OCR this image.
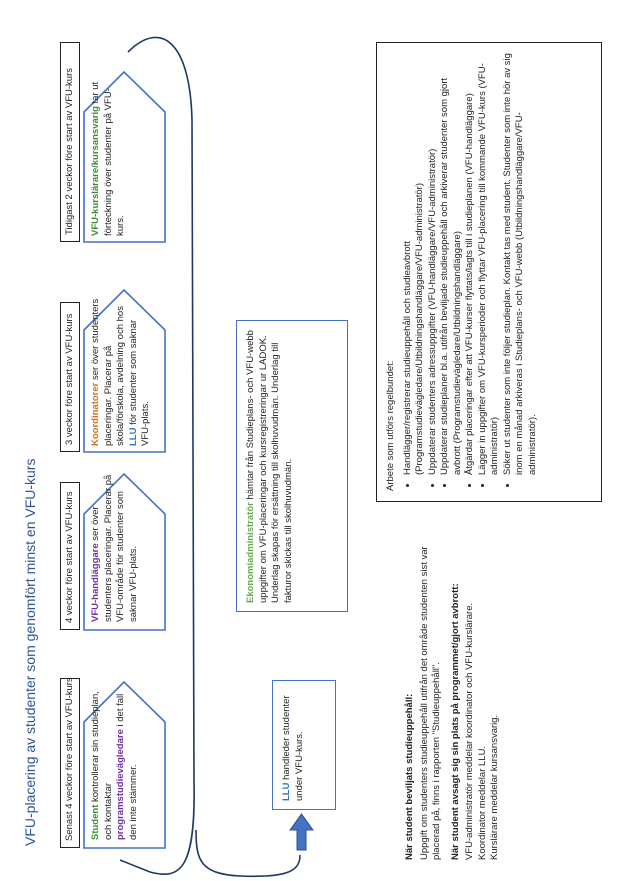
VFU-placering av studenter som genomfört minst en VFU-kurs	Senast 4 veckor före start av VFU-kurs	Student kontrollerar sin studieplan, och kontaktar programstudievägledare i det fall den inte stämmer.
4 veckor före start av VFU-kurs	VFU-handläggare ser över studenters placeringar. Placerar på VFU-område för studenter som saknar VFU-plats.
3 veckor före start av VFU-kurs	Koordinatorer ser över studenters placeringar. Placerar på skola/förskola, avdelning och hos LLU för studenter som saknar VFU-plats.
Tidigast 2 veckor före start av VFU-kurs	VFU-kurslärare/kursansvarig tar ut förteckning över studenter på VFU-kurs.
LLU handleder studenter under VFU-kurs.
Ekonomiadministratör hämtar från Studieplans- och VFU-webb uppgifter om VFU-placeringar och kursregistreringar ur LADOK. Underlag skapas för ersättning till skolhuvudmän. Underlag till fakturor skickas till skolhuvudmän.
Arbete som utförs regelbundet: • Handlägger/registrerar studieuppehåll och studieavbrott (Programstudievägledare/Utbildningshandläggare/VFU-administratör) • Uppdaterar studenters adressuppgifter (VFU-handläggare/VFU-administratör) • Uppdaterar studieplaner bl.a. utifrån beviljade studieuppehåll och arkiverar studenter som gjort avbrott (Programstudievägledare/Utbildningshandläggare) • Åtgärdar placeringar efter att VFU-kurser flyttats/lagts till i studieplanen (VFU-handläggare) • Lägger in uppgifter om VFU-kursperioder och flyttar VFU-placering till kommande VFU-kurs (VFU-administratör) • Söker ut studenter som inte följer studieplan. Kontakt tas med student. Studenter som inte hör av sig inom en månad arkiveras i Studieplans- och VFU-webb (Utbildningshandläggare/VFU-administratör).

När student beviljats studieuppehåll: Uppgift om studenters studieuppehåll utifrån det område studenten sist var placerad på, finns i rapporten "Studieuppehåll". När student avsagt sig sin plats på programmet/gjort avbrott: VFU-administratör meddelar koordinator och VFU-kurslärare. Koordinator meddelar LLU. Kurslärare meddelar kursansvarig.
